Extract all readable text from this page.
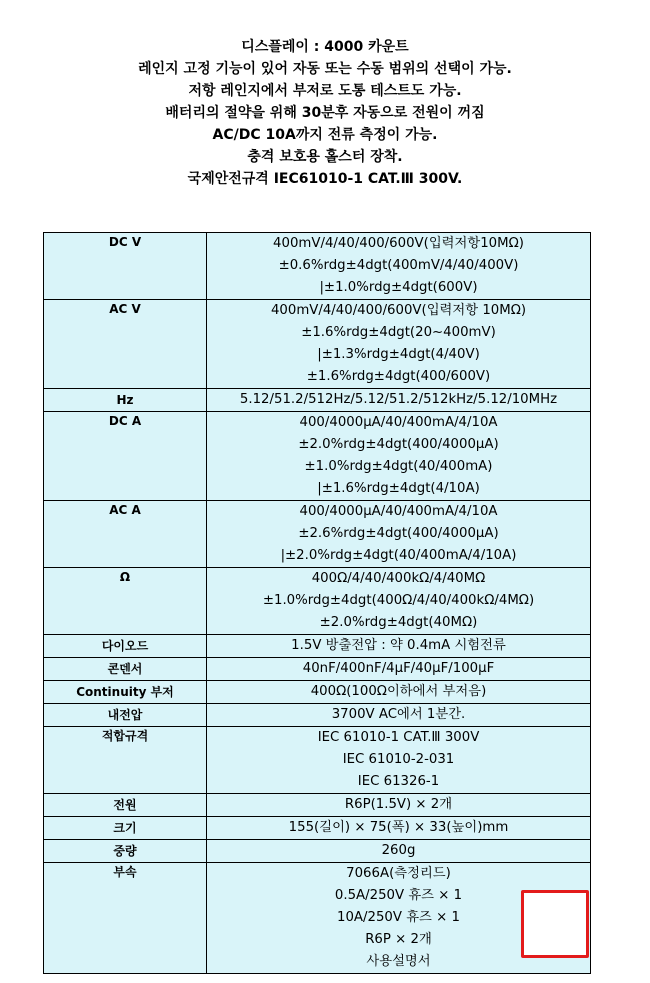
디스플레이 : 4000 카운트
레인지 고정 기능이 있어 자동 또는 수동 범위의 선택이 가능.
저항 레인지에서 부저로 도통 테스트도 가능.
배터리의 절약을 위해 30분후 자동으로 전원이 꺼짐
AC/DC 10A까지 전류 측정이 가능.
충격 보호용 홀스터 장착.
국제안전규격 IEC61010-1 CAT.Ⅲ 300V.
DC V	400mV/4/40/400/600V(입력저항10MΩ)
±0.6%rdg±4dgt(400mV/4/40/400V)
|±1.0%rdg±4dgt(600V)

AC V	400mV/4/40/400/600V(입력저항 10MΩ)
±1.6%rdg±4dgt(20~400mV)
|±1.3%rdg±4dgt(4/40V)
±1.6%rdg±4dgt(400/600V)

Hz	5.12/51.2/512Hz/5.12/51.2/512kHz/5.12/10MHz

DC A	400/4000μA/40/400mA/4/10A
±2.0%rdg±4dgt(400/4000μA)
±1.0%rdg±4dgt(40/400mA)
|±1.6%rdg±4dgt(4/10A)

AC A	400/4000μA/40/400mA/4/10A
±2.6%rdg±4dgt(400/4000μA)
|±2.0%rdg±4dgt(40/400mA/4/10A)

Ω	400Ω/4/40/400kΩ/4/40MΩ
±1.0%rdg±4dgt(400Ω/4/40/400kΩ/4MΩ)
±2.0%rdg±4dgt(40MΩ)

다이오드	1.5V 방출전압 : 약 0.4mA 시험전류

콘덴서	40nF/400nF/4μF/40μF/100μF

Continuity 부저	400Ω(100Ω이하에서 부저음)

내전압	3700V AC에서 1분간.

적합규격	IEC 61010-1 CAT.Ⅲ 300V
IEC 61010-2-031
IEC 61326-1

전원	R6P(1.5V) × 2개

크기	155(길이) × 75(폭) × 33(높이)mm

중량	260g

부속	7066A(측정리드)
0.5A/250V 휴즈 × 1
10A/250V 휴즈 × 1
R6P × 2개
사용설명서
